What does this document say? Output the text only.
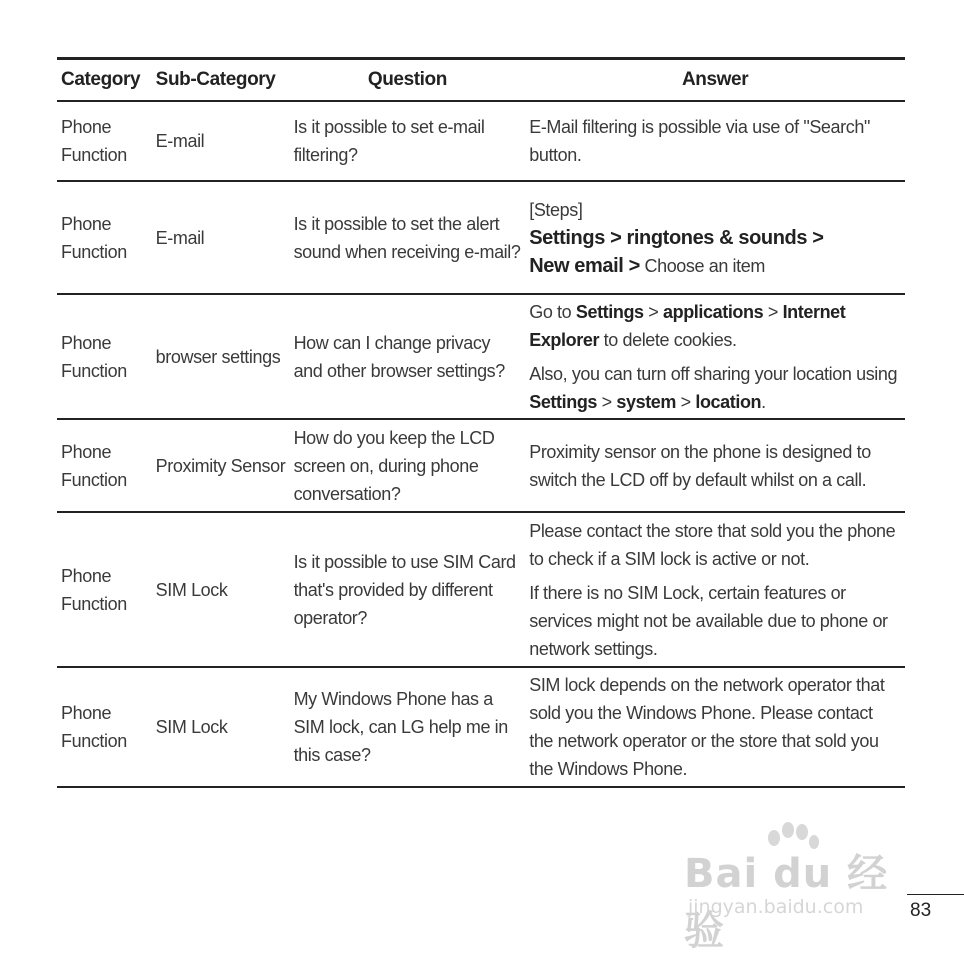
Category	Sub-Category	Question	Answer

Phone
Function	E-mail	Is it possible to set e-mail filtering?	E-Mail filtering is possible via use of "Search" button.

Phone
Function	E-mail	Is it possible to set the alert sound when receiving e-mail?	[Steps]
Settings > ringtones & sounds >
New email > Choose an item

Phone
Function	browser settings	How can I change privacy and other browser settings?	Go to Settings > applications > Internet Explorer to delete cookies.
Also, you can turn off sharing your location using Settings > system > location.

Phone
Function	Proximity Sensor	How do you keep the LCD screen on, during phone conversation?	Proximity sensor on the phone is designed to switch the LCD off by default whilst on a call.

Phone
Function	SIM Lock	Is it possible to use SIM Card that's provided by different operator?	Please contact the store that sold you the phone to check if a SIM lock is active or not.
If there is no SIM Lock, certain features or services might not be available due to phone or network settings.

Phone
Function	SIM Lock	My Windows Phone has a SIM lock, can LG help me in this case?	SIM lock depends on the network operator that sold you the Windows Phone. Please contact the network operator or the store that sold you the Windows Phone.
Bai du 经验
jingyan.baidu.com 83
